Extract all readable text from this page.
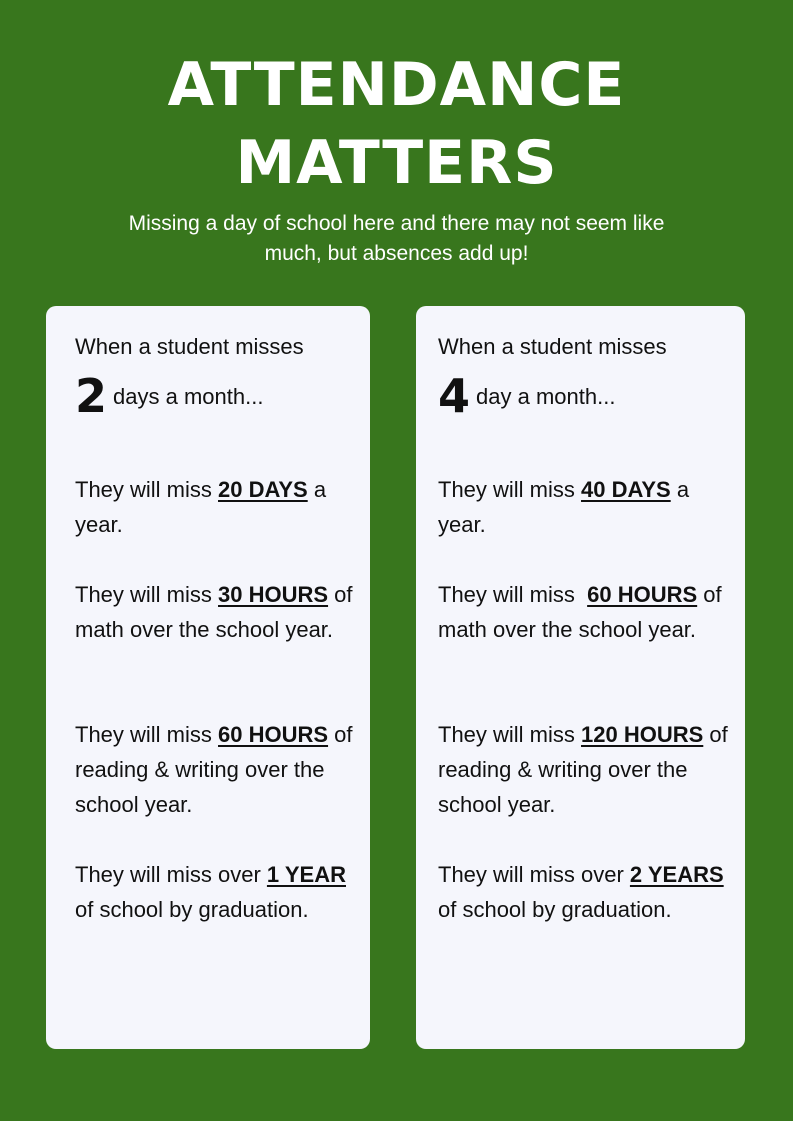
ATTENDANCE
MATTERS
Missing a day of school here and there may not seem like much, but absences add up!
When a student misses
2 days a month...
They will miss 20 DAYS a year.
They will miss 30 HOURS of math over the school year.
They will miss 60 HOURS of reading & writing over the school year.
They will miss over 1 YEAR of school by graduation.
When a student misses
4 day a month...
They will miss 40 DAYS a year.
They will miss  60 HOURS of math over the school year.
They will miss 120 HOURS of reading & writing over the school year.
They will miss over 2 YEARS of school by graduation.
